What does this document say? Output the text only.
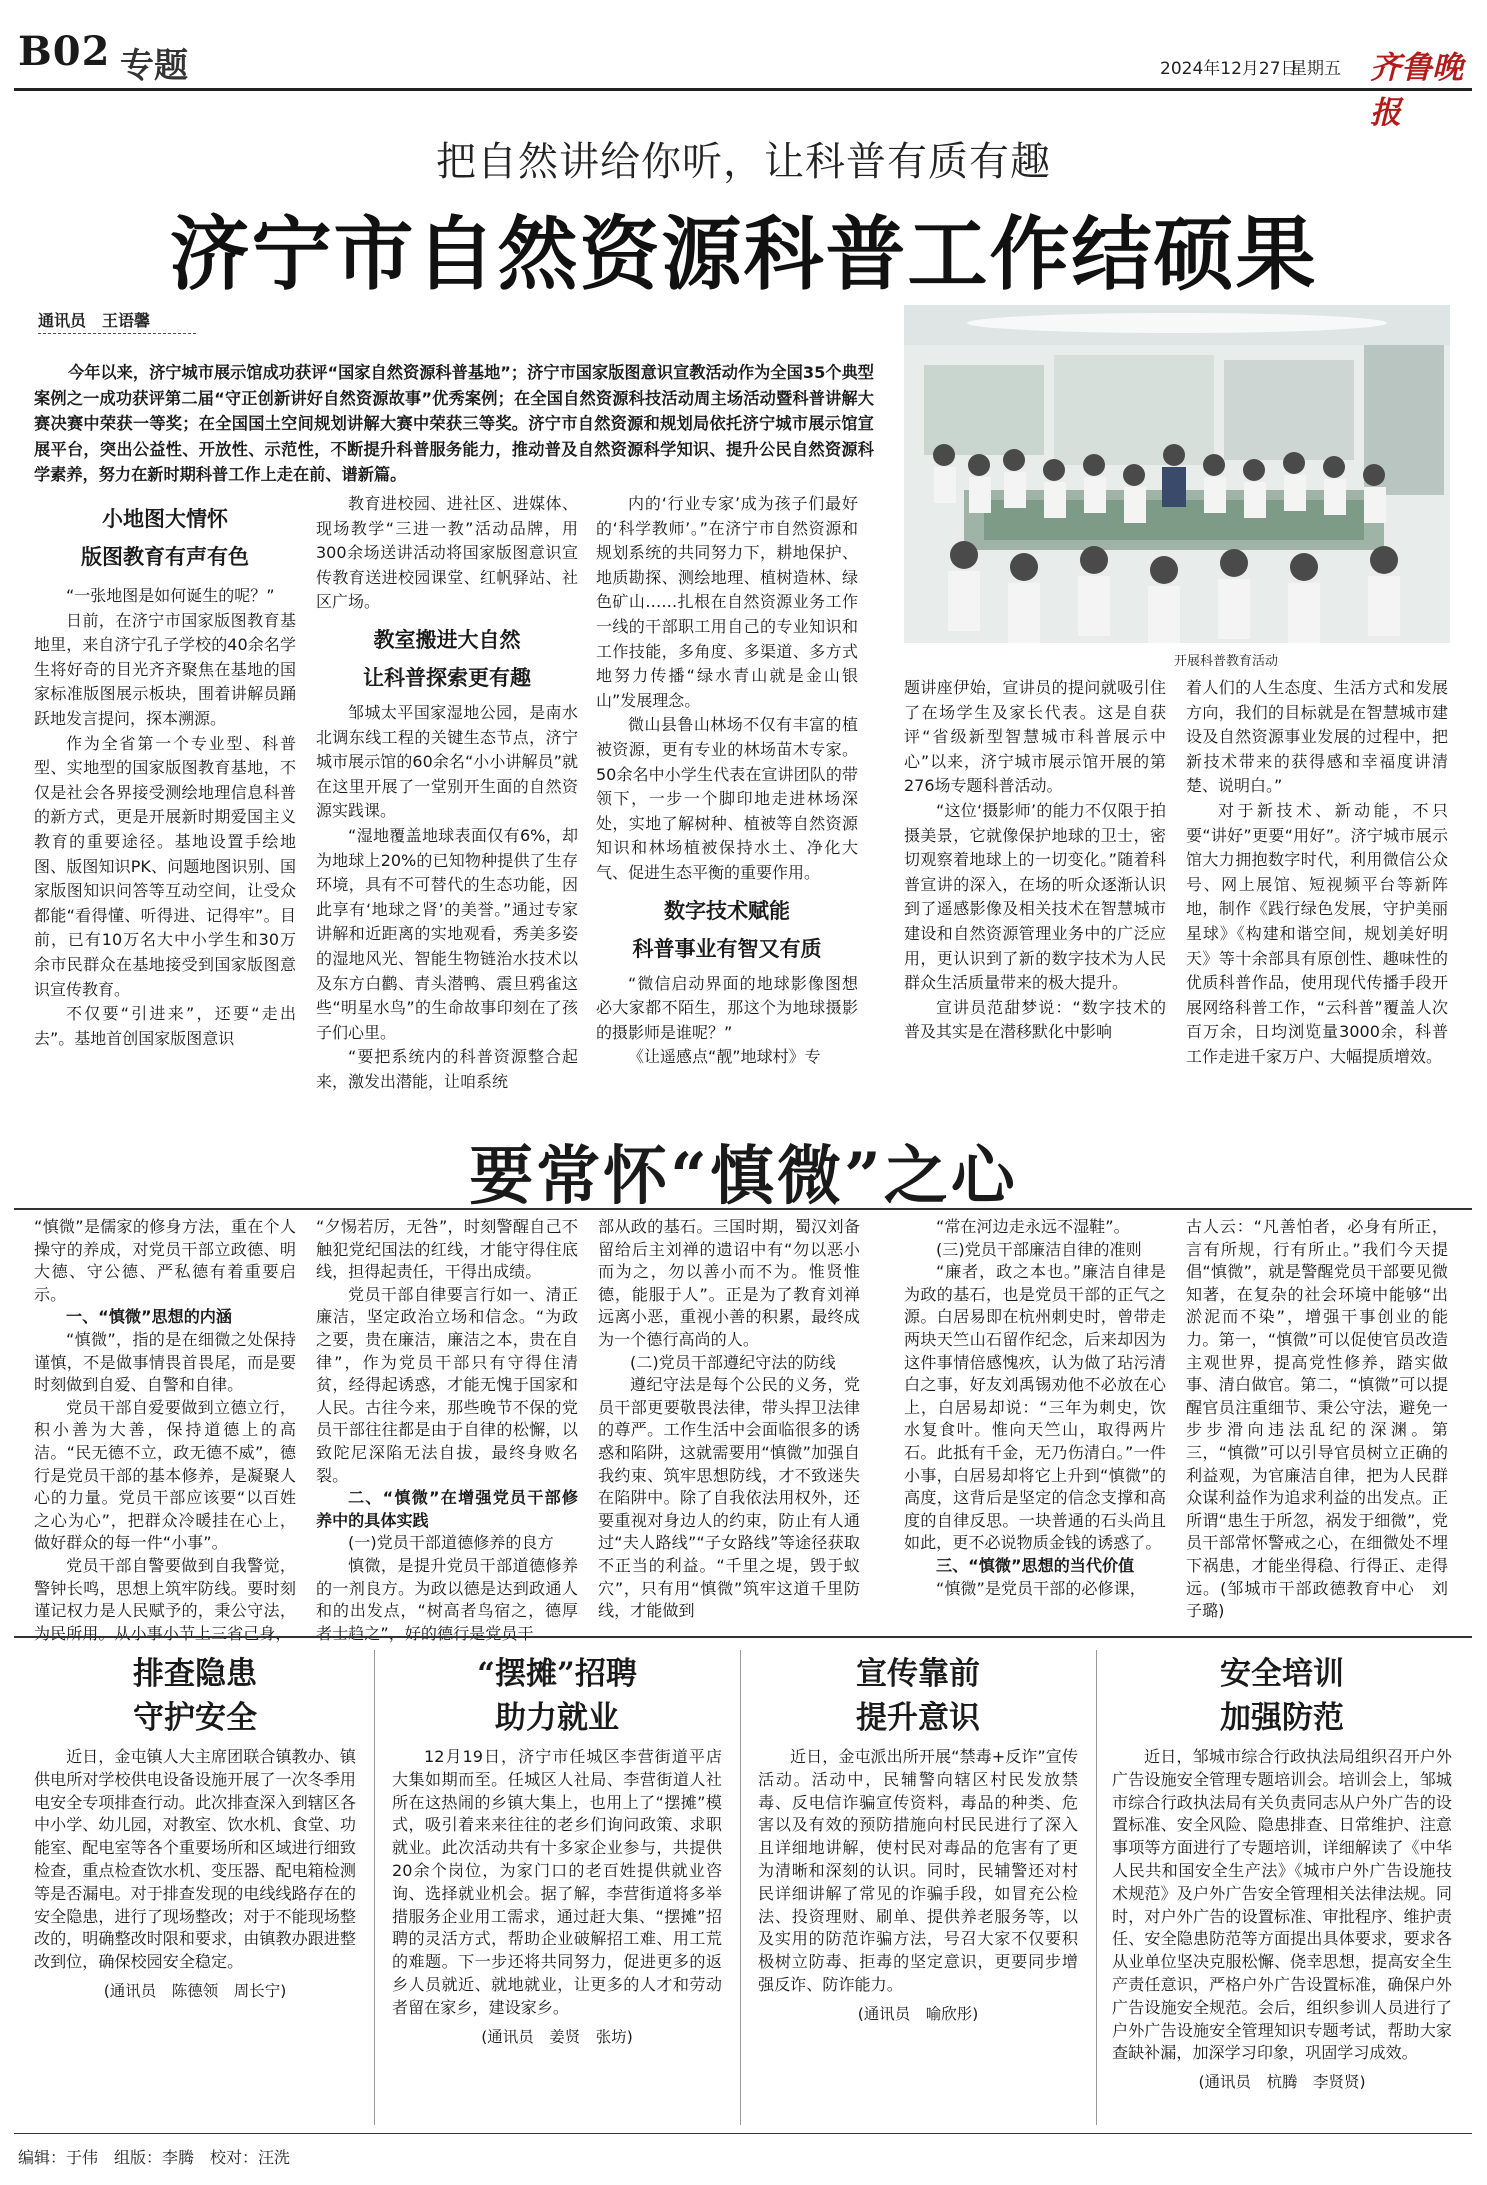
B02 专题	2024年12月27日
星期五 齐鲁晚报
把自然讲给你听，让科普有质有趣
济宁市自然资源科普工作结硕果
通讯员　王语馨

今年以来，济宁城市展示馆成功获评“国家自然资源科普基地”；济宁市国家版图意识宣教活动作为全国35个典型案例之一成功获评第二届“守正创新讲好自然资源故事”优秀案例；在全国自然资源科技活动周主场活动暨科普讲解大赛决赛中荣获一等奖；在全国国土空间规划讲解大赛中荣获三等奖。济宁市自然资源和规划局依托济宁城市展示馆宣展平台，突出公益性、开放性、示范性，不断提升科普服务能力，推动普及自然资源科学知识、提升公民自然资源科学素养，努力在新时期科普工作上走在前、谱新篇。

开展科普教育活动

小地图大情怀

版图教育有声有色

“一张地图是如何诞生的呢？”

日前，在济宁市国家版图教育基地里，来自济宁孔子学校的40余名学生将好奇的目光齐齐聚焦在基地的国家标准版图展示板块，围着讲解员踊跃地发言提问，探本溯源。

作为全省第一个专业型、科普型、实地型的国家版图教育基地，不仅是社会各界接受测绘地理信息科普的新方式，更是开展新时期爱国主义教育的重要途径。基地设置手绘地图、版图知识PK、问题地图识别、国家版图知识问答等互动空间，让受众都能“看得懂、听得进、记得牢”。目前，已有10万名大中小学生和30万余市民群众在基地接受到国家版图意识宣传教育。

不仅要“引进来”，还要“走出去”。基地首创国家版图意识

教育进校园、进社区、进媒体、现场教学“三进一教”活动品牌，用300余场送讲活动将国家版图意识宣传教育送进校园课堂、红帆驿站、社区广场。

教室搬进大自然

让科普探索更有趣

邹城太平国家湿地公园，是南水北调东线工程的关键生态节点，济宁城市展示馆的60余名“小小讲解员”就在这里开展了一堂别开生面的自然资源实践课。

“湿地覆盖地球表面仅有6%，却为地球上20%的已知物种提供了生存环境，具有不可替代的生态功能，因此享有‘地球之肾’的美誉。”通过专家讲解和近距离的实地观看，秀美多姿的湿地风光、智能生物链治水技术以及东方白鹳、青头潜鸭、震旦鸦雀这些“明星水鸟”的生命故事印刻在了孩子们心里。

“要把系统内的科普资源整合起来，激发出潜能，让咱系统

内的‘行业专家’成为孩子们最好的‘科学教师’。”在济宁市自然资源和规划系统的共同努力下，耕地保护、地质勘探、测绘地理、植树造林、绿色矿山……扎根在自然资源业务工作一线的干部职工用自己的专业知识和工作技能，多角度、多渠道、多方式地努力传播“绿水青山就是金山银山”发展理念。

微山县鲁山林场不仅有丰富的植被资源，更有专业的林场苗木专家。50余名中小学生代表在宣讲团队的带领下，一步一个脚印地走进林场深处，实地了解树种、植被等自然资源知识和林场植被保持水土、净化大气、促进生态平衡的重要作用。

数字技术赋能

科普事业有智又有质

“微信启动界面的地球影像图想必大家都不陌生，那这个为地球摄影的摄影师是谁呢？”

《让遥感点“靓”地球村》专

题讲座伊始，宣讲员的提问就吸引住了在场学生及家长代表。这是自获评“省级新型智慧城市科普展示中心”以来，济宁城市展示馆开展的第276场专题科普活动。

“这位‘摄影师’的能力不仅限于拍摄美景，它就像保护地球的卫士，密切观察着地球上的一切变化。”随着科普宣讲的深入，在场的听众逐渐认识到了遥感影像及相关技术在智慧城市建设和自然资源管理业务中的广泛应用，更认识到了新的数字技术为人民群众生活质量带来的极大提升。

宣讲员范甜梦说：“数字技术的普及其实是在潜移默化中影响

着人们的人生态度、生活方式和发展方向，我们的目标就是在智慧城市建设及自然资源事业发展的过程中，把新技术带来的获得感和幸福度讲清楚、说明白。”

对于新技术、新动能，不只要“讲好”更要“用好”。济宁城市展示馆大力拥抱数字时代，利用微信公众号、网上展馆、短视频平台等新阵地，制作《践行绿色发展，守护美丽星球》《构建和谐空间，规划美好明天》等十余部具有原创性、趣味性的优质科普作品，使用现代传播手段开展网络科普工作，“云科普”覆盖人次百万余，日均浏览量3000余，科普工作走进千家万户、大幅提质增效。

要常怀“慎微”之心

“慎微”是儒家的修身方法，重在个人操守的养成，对党员干部立政德、明大德、守公德、严私德有着重要启示。

一、“慎微”思想的内涵

“慎微”，指的是在细微之处保持谨慎，不是做事情畏首畏尾，而是要时刻做到自爱、自警和自律。

党员干部自爱要做到立德立行，积小善为大善，保持道德上的高洁。“民无德不立，政无德不威”，德行是党员干部的基本修养，是凝聚人心的力量。党员干部应该要“以百姓之心为心”，把群众冷暖挂在心上，做好群众的每一件“小事”。

党员干部自警要做到自我警觉，警钟长鸣，思想上筑牢防线。要时刻谨记权力是人民赋予的，秉公守法，为民所用。从小事小节上三省己身，

“夕惕若厉，无咎”，时刻警醒自己不触犯党纪国法的红线，才能守得住底线，担得起责任，干得出成绩。

党员干部自律要言行如一、清正廉洁，坚定政治立场和信念。“为政之要，贵在廉洁，廉洁之本，贵在自律”，作为党员干部只有守得住清贫，经得起诱惑，才能无愧于国家和人民。古往今来，那些晚节不保的党员干部往往都是由于自律的松懈，以致陀尼深陷无法自拔，最终身败名裂。

二、“慎微”在增强党员干部修养中的具体实践

(一)党员干部道德修养的良方

慎微，是提升党员干部道德修养的一剂良方。为政以德是达到政通人和的出发点，“树高者鸟宿之，德厚者士趋之”，好的德行是党员干

部从政的基石。三国时期，蜀汉刘备留给后主刘禅的遗诏中有“勿以恶小而为之，勿以善小而不为。惟贤惟德，能服于人”。正是为了教育刘禅远离小恶，重视小善的积累，最终成为一个德行高尚的人。

(二)党员干部遵纪守法的防线

遵纪守法是每个公民的义务，党员干部更要敬畏法律，带头捍卫法律的尊严。工作生活中会面临很多的诱惑和陷阱，这就需要用“慎微”加强自我约束、筑牢思想防线，才不致迷失在陷阱中。除了自我依法用权外，还要重视对身边人的约束，防止有人通过“夫人路线”“子女路线”等途径获取不正当的利益。“千里之堤，毁于蚁穴”，只有用“慎微”筑牢这道千里防线，才能做到

“常在河边走永远不湿鞋”。

(三)党员干部廉洁自律的准则

“廉者，政之本也。”廉洁自律是为政的基石，也是党员干部的正气之源。白居易即在杭州刺史时，曾带走两块天竺山石留作纪念，后来却因为这件事情倍感愧疚，认为做了玷污清白之事，好友刘禹锡劝他不必放在心上，白居易却说：“三年为刺史，饮水复食叶。惟向天竺山，取得两片石。此抵有千金，无乃伤清白。”一件小事，白居易却将它上升到“慎微”的高度，这背后是坚定的信念支撑和高度的自律反思。一块普通的石头尚且如此，更不必说物质金钱的诱惑了。

三、“慎微”思想的当代价值

“慎微”是党员干部的必修课，

古人云：“凡善怕者，必身有所正，言有所规，行有所止。”我们今天提倡“慎微”，就是警醒党员干部要见微知著，在复杂的社会环境中能够“出淤泥而不染”，增强干事创业的能力。第一，“慎微”可以促使官员改造主观世界，提高党性修养，踏实做事、清白做官。第二，“慎微”可以提醒官员注重细节、秉公守法，避免一步步滑向违法乱纪的深渊。第三，“慎微”可以引导官员树立正确的利益观，为官廉洁自律，把为人民群众谋利益作为追求利益的出发点。正所谓“患生于所忽，祸发于细微”，党员干部常怀警戒之心，在细微处不埋下祸患，才能坐得稳、行得正、走得远。(邹城市干部政德教育中心　刘子璐)

排查隐患

守护安全

近日，金屯镇人大主席团联合镇教办、镇供电所对学校供电设备设施开展了一次冬季用电安全专项排查行动。此次排查深入到辖区各中小学、幼儿园，对教室、饮水机、食堂、功能室、配电室等各个重要场所和区域进行细致检查，重点检查饮水机、变压器、配电箱检测等是否漏电。对于排查发现的电线线路存在的安全隐患，进行了现场整改；对于不能现场整改的，明确整改时限和要求，由镇教办跟进整改到位，确保校园安全稳定。

(通讯员　陈德领　周长宁)

“摆摊”招聘

助力就业

12月19日，济宁市任城区李营街道平店大集如期而至。任城区人社局、李营街道人社所在这热闹的乡镇大集上，也用上了“摆摊”模式，吸引着来来往往的老乡们询问政策、求职就业。此次活动共有十多家企业参与，共提供20余个岗位，为家门口的老百姓提供就业咨询、选择就业机会。据了解，李营街道将多举措服务企业用工需求，通过赶大集、“摆摊”招聘的灵活方式，帮助企业破解招工难、用工荒的难题。下一步还将共同努力，促进更多的返乡人员就近、就地就业，让更多的人才和劳动者留在家乡，建设家乡。

(通讯员　姜贤　张坊)

宣传靠前

提升意识

近日，金屯派出所开展“禁毒+反诈”宣传活动。活动中，民辅警向辖区村民发放禁毒、反电信诈骗宣传资料，毒品的种类、危害以及有效的预防措施向村民民进行了深入且详细地讲解，使村民对毒品的危害有了更为清晰和深刻的认识。同时，民辅警还对村民详细讲解了常见的诈骗手段，如冒充公检法、投资理财、刷单、提供养老服务等，以及实用的防范诈骗方法，号召大家不仅要积极树立防毒、拒毒的坚定意识，更要同步增强反诈、防诈能力。

(通讯员　喻欣彤)

安全培训

加强防范

近日，邹城市综合行政执法局组织召开户外广告设施安全管理专题培训会。培训会上，邹城市综合行政执法局有关负责同志从户外广告的设置标准、安全风险、隐患排查、日常维护、注意事项等方面进行了专题培训，详细解读了《中华人民共和国安全生产法》《城市户外广告设施技术规范》及户外广告安全管理相关法律法规。同时，对户外广告的设置标准、审批程序、维护责任、安全隐患防范等方面提出具体要求，要求各从业单位坚决克服松懈、侥幸思想，提高安全生产责任意识，严格户外广告设置标准，确保户外广告设施安全规范。会后，组织参训人员进行了户外广告设施安全管理知识专题考试，帮助大家查缺补漏，加深学习印象，巩固学习成效。

(通讯员　杭腾　李贤贤)
编辑：于伟　组版：李腾　校对：汪洗
